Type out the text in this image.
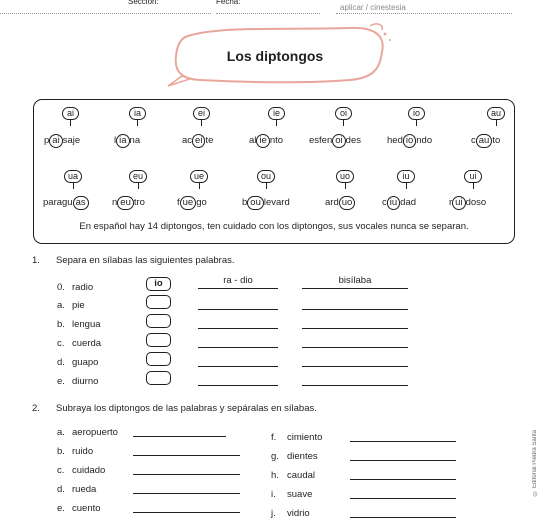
Sección:	Fecha:
aplicar / cinestesia
Los diptongos
ai
p ai saje
ia
l ia na
ei
ac ei te
ie
al ie nto
oi
esfen oi des
io
hed io ndo
au
c au to
ua
paragu as
eu
n eu tro
ue
f ue go
ou
b ou levard
uo
ard uo
iu
c iu dad
ui
r ui doso
En español hay 14 diptongos, ten cuidado con los diptongos, sus vocales nunca se separan.
1. Separa en sílabas las siguientes palabras.
0. radio	io	ra - dio	bisílaba
a. pie
b. lengua
c. cuerda
d. guapo
e. diurno
2. Subraya los diptongos de las palabras y sepáralas en sílabas.
a. aeropuerto
b. ruido
c. cuidado
d. rueda
e. cuento
f. cimiento
g. dientes
h. caudal
i. suave
j. vidrio
© Editorial Piedra Santa
